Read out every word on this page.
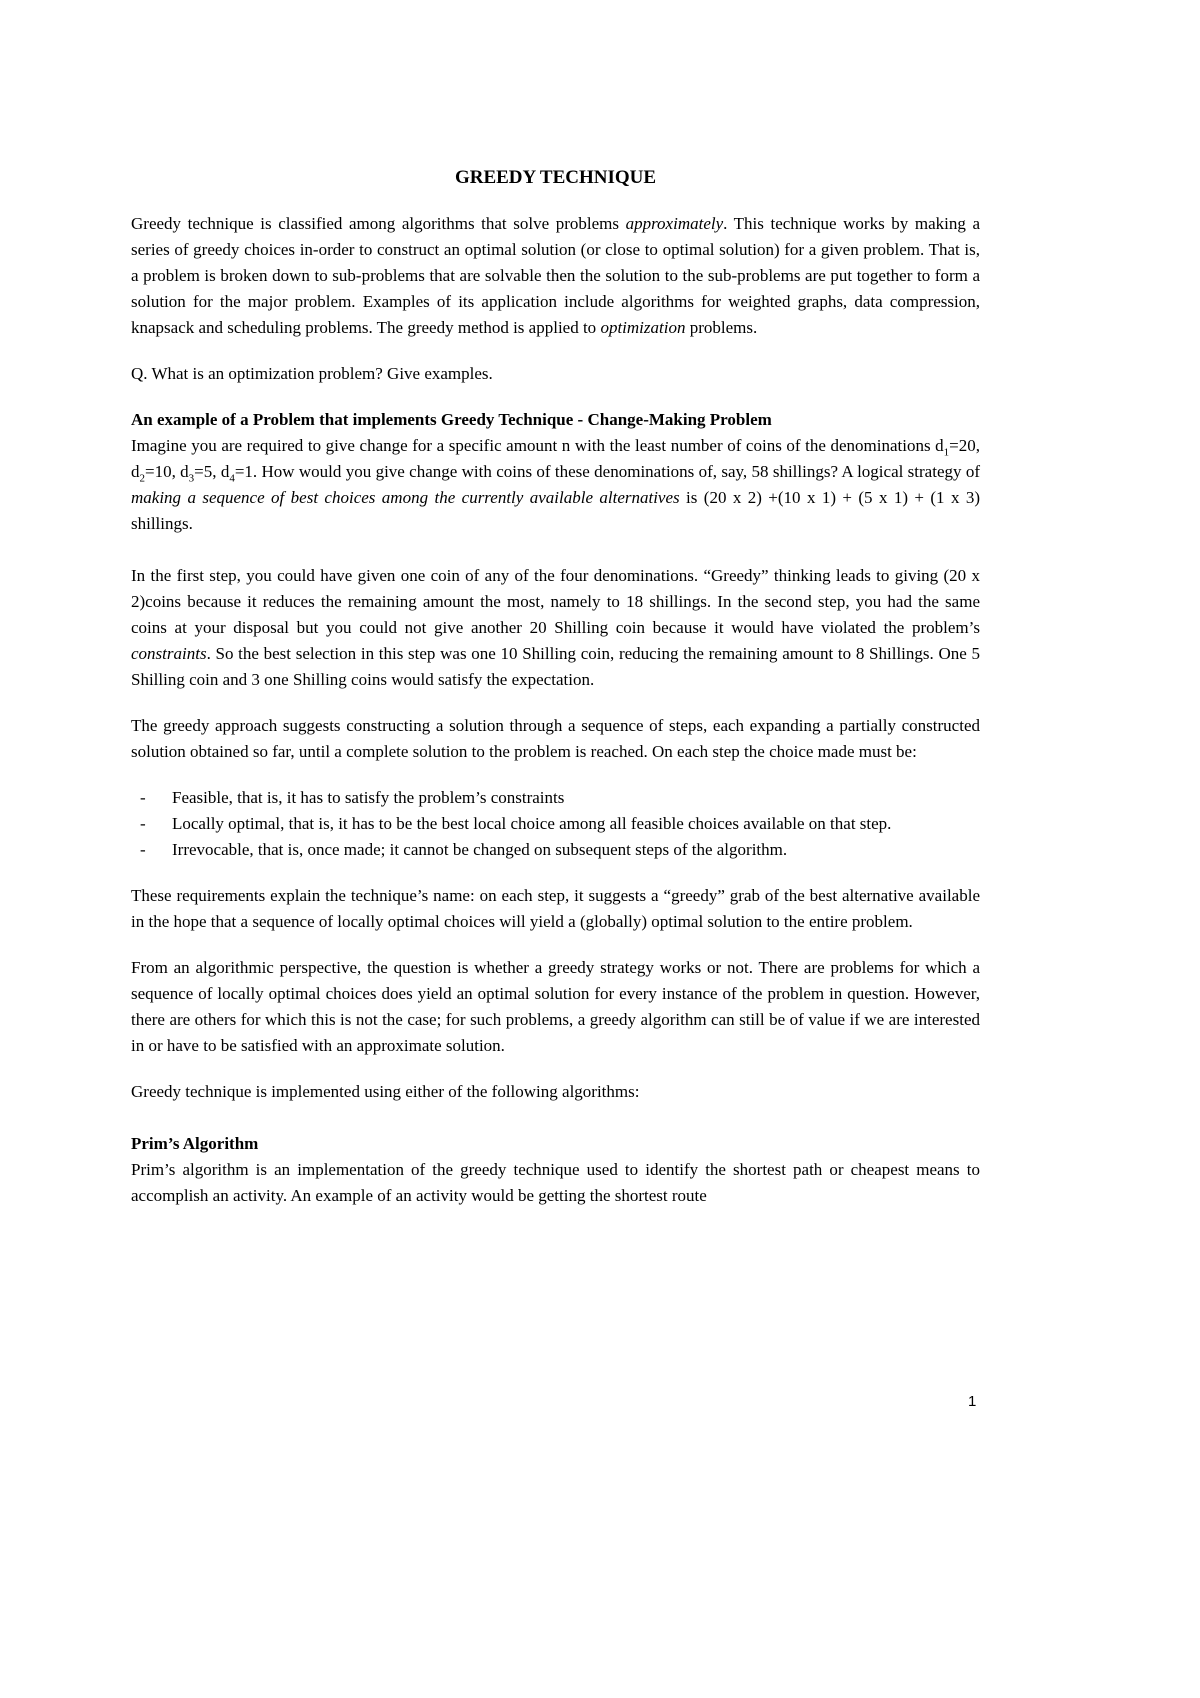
GREEDY TECHNIQUE

Greedy technique is classified among algorithms that solve problems approximately. This technique works by making a series of greedy choices in-order to construct an optimal solution (or close to optimal solution) for a given problem. That is, a problem is broken down to sub-problems that are solvable then the solution to the sub-problems are put together to form a solution for the major problem. Examples of its application include algorithms for weighted graphs, data compression, knapsack and scheduling problems. The greedy method is applied to optimization problems.

Q. What is an optimization problem? Give examples.

An example of a Problem that implements Greedy Technique - Change-Making Problem

Imagine you are required to give change for a specific amount n with the least number of coins of the denominations $d_1=20$, $d_2=10$, $d_3=5$, $d_4=1$. How would you give change with coins of these denominations of, say, 58 shillings? A logical strategy of making a sequence of best choices among the currently available alternatives is (20 x 2) +(10 x 1) + (5 x 1) + (1 x 3) shillings.

In the first step, you could have given one coin of any of the four denominations. “Greedy” thinking leads to giving (20 x 2)coins because it reduces the remaining amount the most, namely to 18 shillings. In the second step, you had the same coins at your disposal but you could not give another 20 Shilling coin because it would have violated the problem’s constraints. So the best selection in this step was one 10 Shilling coin, reducing the remaining amount to 8 Shillings. One 5 Shilling coin and 3 one Shilling coins would satisfy the expectation.

The greedy approach suggests constructing a solution through a sequence of steps, each expanding a partially constructed solution obtained so far, until a complete solution to the problem is reached. On each step the choice made must be:

- Feasible, that is, it has to satisfy the problem’s constraints
- Locally optimal, that is, it has to be the best local choice among all feasible choices available on that step.
- Irrevocable, that is, once made; it cannot be changed on subsequent steps of the algorithm.

These requirements explain the technique’s name: on each step, it suggests a “greedy” grab of the best alternative available in the hope that a sequence of locally optimal choices will yield a (globally) optimal solution to the entire problem.

From an algorithmic perspective, the question is whether a greedy strategy works or not. There are problems for which a sequence of locally optimal choices does yield an optimal solution for every instance of the problem in question. However, there are others for which this is not the case; for such problems, a greedy algorithm can still be of value if we are interested in or have to be satisfied with an approximate solution.

Greedy technique is implemented using either of the following algorithms:

Prim’s Algorithm

Prim’s algorithm is an implementation of the greedy technique used to identify the shortest path or cheapest means to accomplish an activity. An example of an activity would be getting the shortest route

1
